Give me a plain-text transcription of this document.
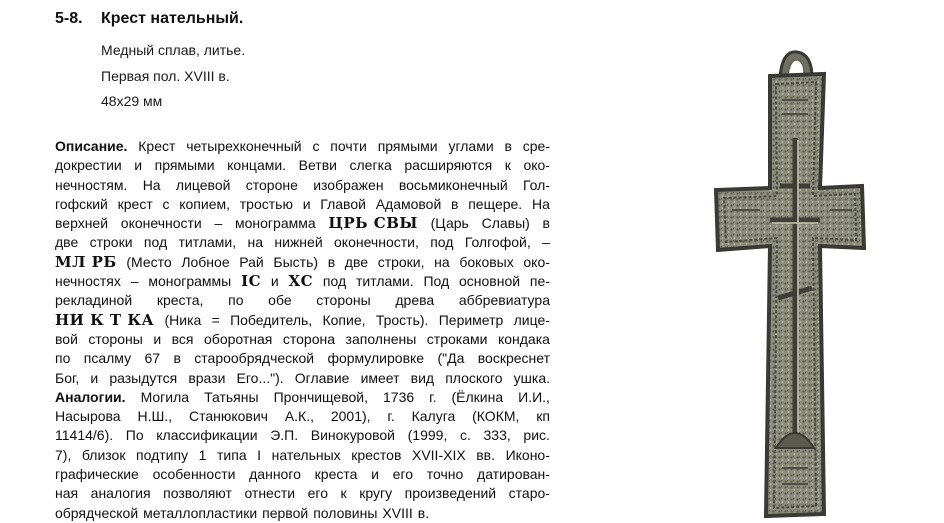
5-8. Крест нательный.
Медный сплав, литье.
Первая пол. XVIII в.
48x29 мм
Описание. Крест четырехконечный с почти прямыми углами в сре-
докрестии и прямыми концами. Ветви слегка расширяются к око-
нечностям. На лицевой стороне изображен восьмиконечный Гол-
гофский крест с копием, тростью и Главой Адамовой в пещере. На
верхней оконечности – монограмма ЦРЬ СВЫ (Царь Славы) в
две строки под титлами, на нижней оконечности, под Голгофой, –
МЛ РБ (Место Лобное Рай Бысть) в две строки, на боковых око-
нечностях – монограммы IС и ХС под титлами. Под основной пе-
рекладиной креста, по обе стороны древа аббревиатура
НИ К Т КА (Ника = Победитель, Копие, Трость). Периметр лице-
вой стороны и вся оборотная сторона заполнены строками кондака
по псалму 67 в старообрядческой формулировке ("Да воскреснет
Бог, и разыдутся врази Его..."). Оглавие имеет вид плоского ушка.
Аналогии. Могила Татьяны Прончищевой, 1736 г. (Ёлкина И.И.,
Насырова Н.Ш., Станюкович А.К., 2001), г. Калуга (КОКМ, кп
11414/6). По классификации Э.П. Винокуровой (1999, с. 333, рис.
7), близок подтипу 1 типа I нательных крестов XVII-XIX вв. Иконо-
графические особенности данного креста и его точно датирован-
ная аналогия позволяют отнести его к кругу произведений старо-
обрядческой металлопластики первой половины XVIII в.
